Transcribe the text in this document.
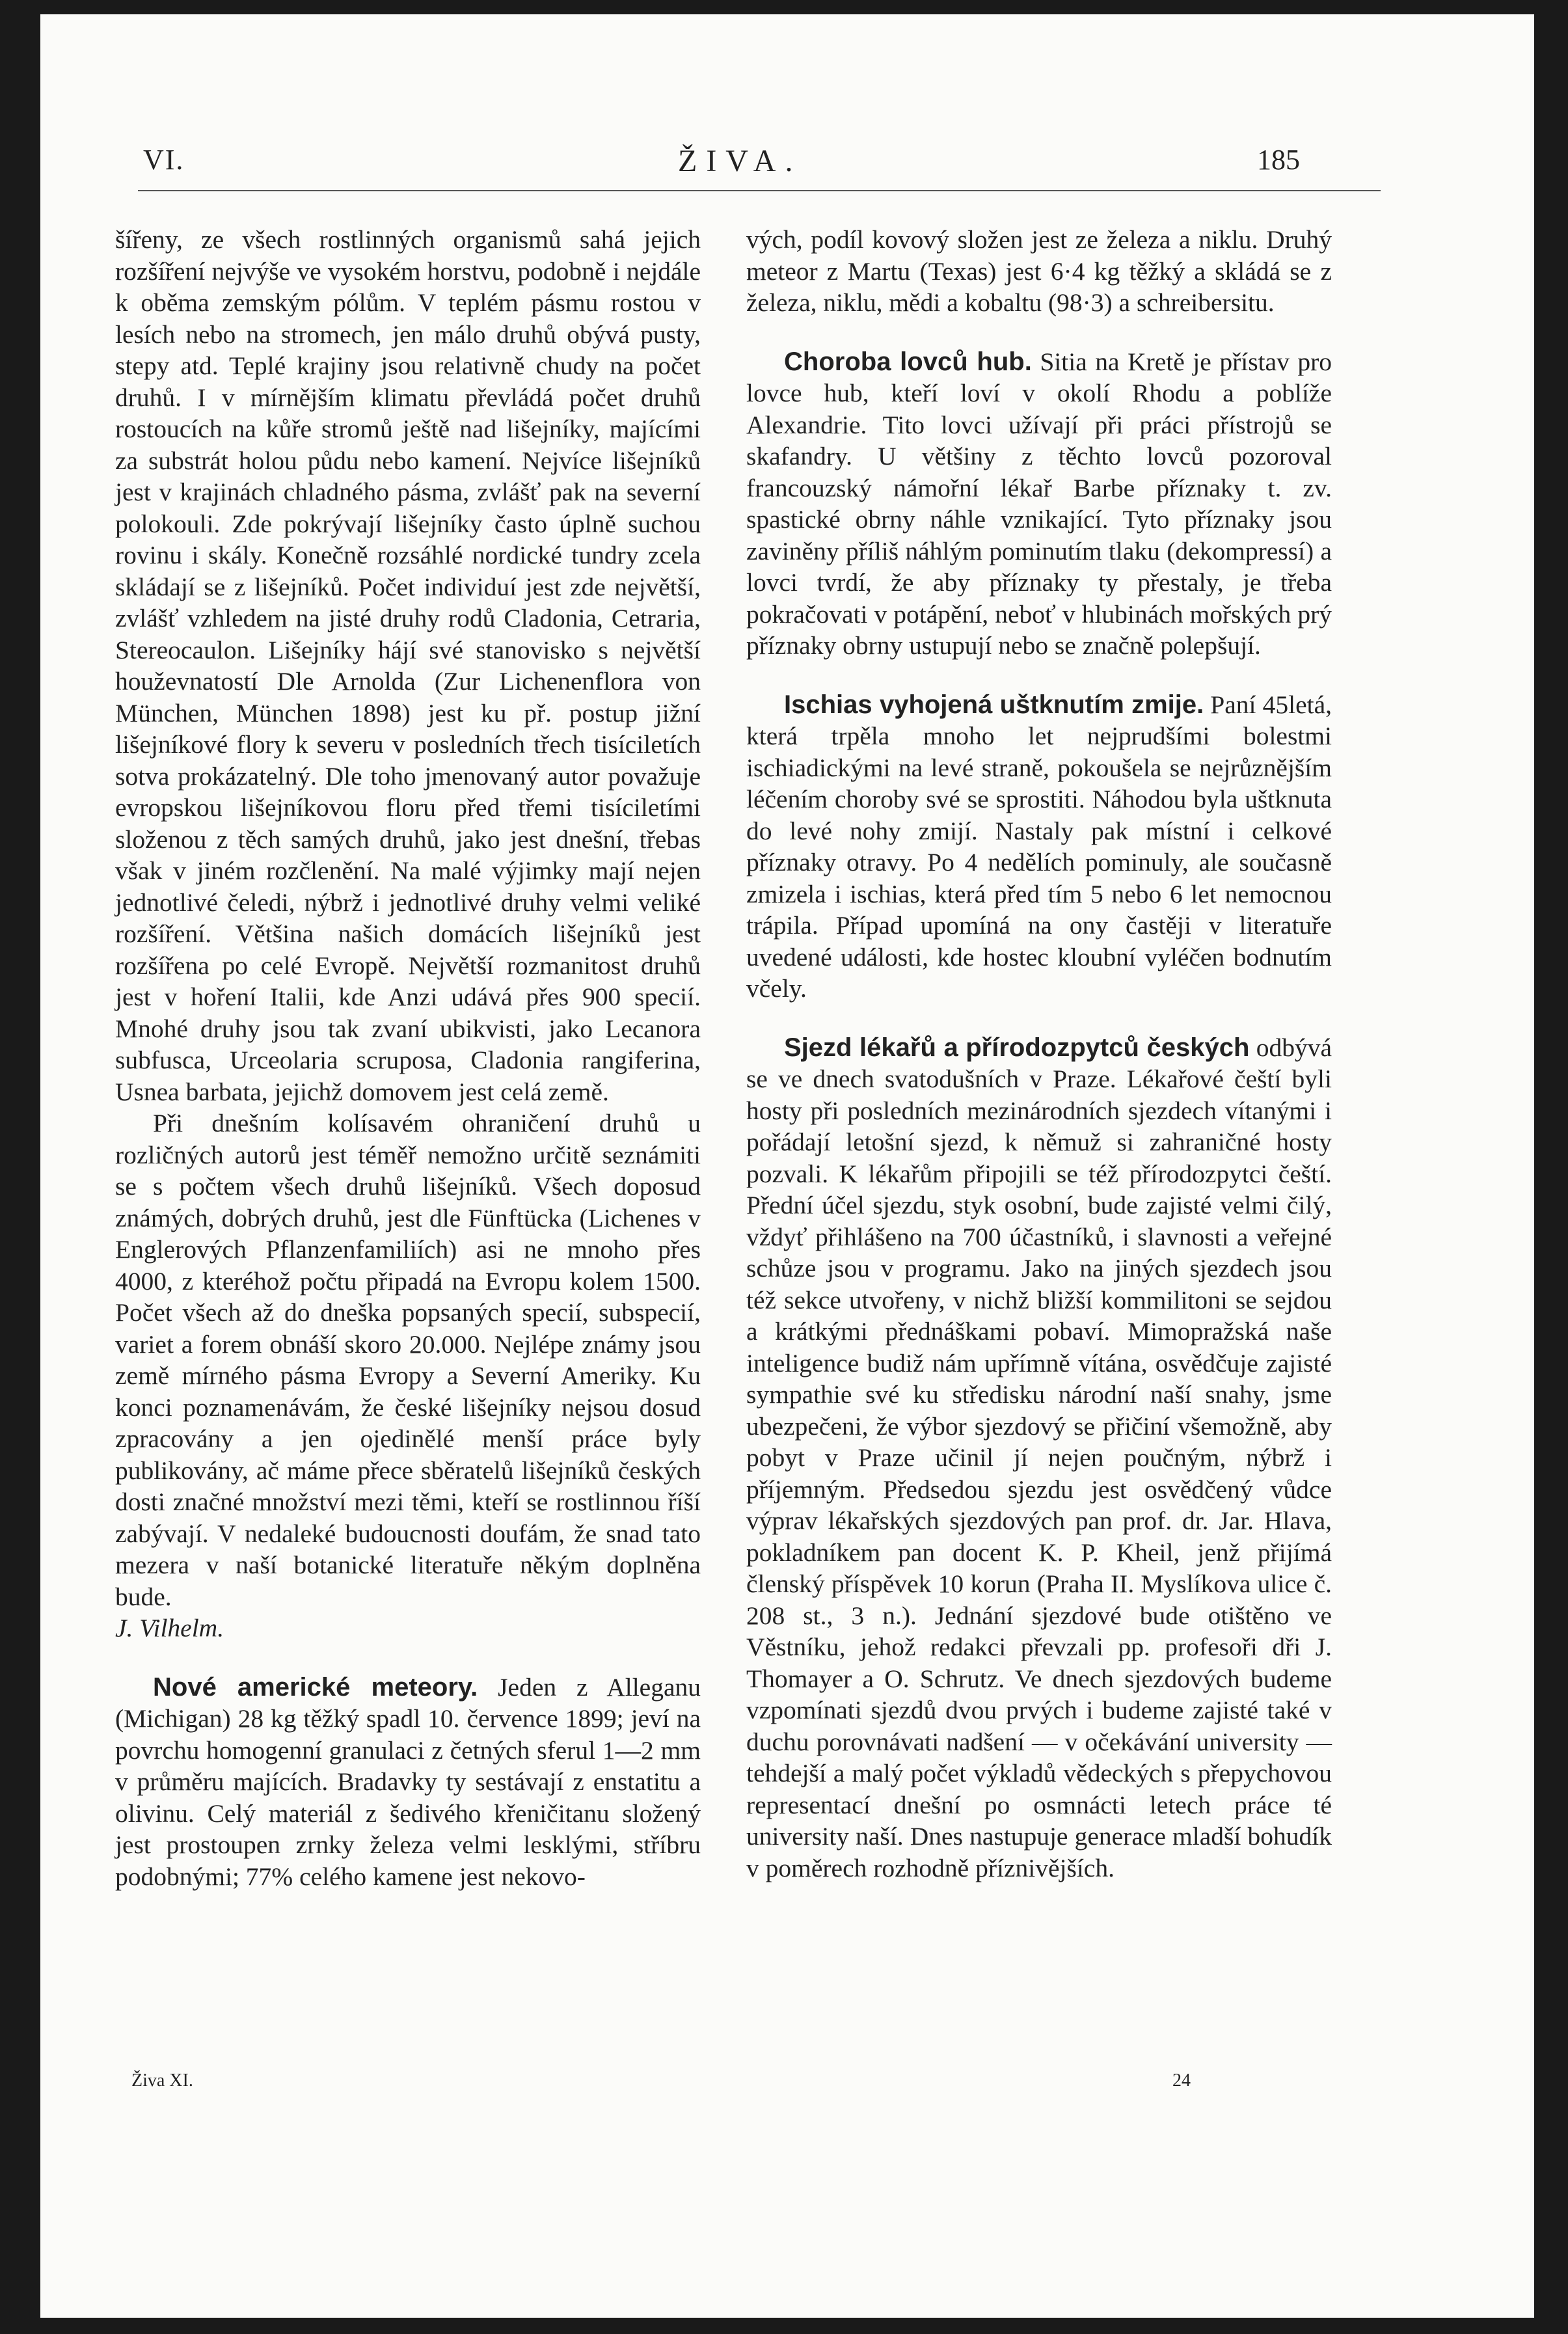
VI.	ŽIVA.	185

šířeny, ze všech rostlinných organismů sahá jejich rozšíření nejvýše ve vysokém horstvu, podobně i nejdále k oběma zemským pólům. V teplém pásmu rostou v lesích nebo na stromech, jen málo druhů obývá pusty, stepy atd. Teplé krajiny jsou relativně chudy na počet druhů. I v mírnějším klimatu převládá počet druhů rostoucích na kůře stromů ještě nad lišejníky, majícími za substrát holou půdu nebo kamení. Nejvíce lišejníků jest v krajinách chladného pásma, zvlášť pak na severní polokouli. Zde pokrývají lišejníky často úplně suchou rovinu i skály. Konečně rozsáhlé nordické tundry zcela skládají se z lišejníků. Počet individuí jest zde největší, zvlášť vzhledem na jisté druhy rodů Cladonia, Cetraria, Stereocaulon. Lišejníky hájí své stanovisko s největší houževnatostí Dle Arnolda (Zur Lichenenflora von München, München 1898) jest ku př. postup jižní lišejníkové flory k severu v posledních třech tisíciletích sotva prokázatelný. Dle toho jmenovaný autor považuje evropskou lišejníkovou floru před třemi tisíciletími složenou z těch samých druhů, jako jest dnešní, třebas však v jiném rozčlenění. Na malé výjimky mají nejen jednotlivé čeledi, nýbrž i jednotlivé druhy velmi veliké rozšíření. Většina našich domácích lišejníků jest rozšířena po celé Evropě. Největší rozmanitost druhů jest v hoření Italii, kde Anzi udává přes 900 specií. Mnohé druhy jsou tak zvaní ubikvisti, jako Lecanora subfusca, Urceolaria scruposa, Cladonia rangiferina, Usnea barbata, jejichž domovem jest celá země.

Při dnešním kolísavém ohraničení druhů u rozličných autorů jest téměř nemožno určitě seznámiti se s počtem všech druhů lišejníků. Všech doposud známých, dobrých druhů, jest dle Fünftücka (Lichenes v Englerových Pflanzenfamiliích) asi ne mnoho přes 4000, z kteréhož počtu připadá na Evropu kolem 1500. Počet všech až do dneška popsaných specií, subspecií, variet a forem obnáší skoro 20.000. Nejlépe známy jsou země mírného pásma Evropy a Severní Ameriky. Ku konci poznamenávám, že české lišejníky nejsou dosud zpracovány a jen ojedinělé menší práce byly publikovány, ač máme přece sběratelů lišejníků českých dosti značné množství mezi těmi, kteří se rostlinnou říší zabývají. V nedaleké budoucnosti doufám, že snad tato mezera v naší botanické literatuře někým doplněna bude.

J. Vilhelm.

Nové americké meteory. Jeden z Alleganu (Michigan) 28 kg těžký spadl 10. července 1899; jeví na povrchu homogenní granulaci z četných sferul 1—2 mm v průměru majících. Bradavky ty sestávají z enstatitu a olivinu. Celý materiál z šedivého křeničitanu složený jest prostoupen zrnky železa velmi lesklými, stříbru podobnými; 77% celého kamene jest nekovo-

vých, podíl kovový složen jest ze železa a niklu. Druhý meteor z Martu (Texas) jest 6·4 kg těžký a skládá se z železa, niklu, mědi a kobaltu (98·3) a schreibersitu.

Choroba lovců hub. Sitia na Kretě je přístav pro lovce hub, kteří loví v okolí Rhodu a poblíže Alexandrie. Tito lovci užívají při práci přístrojů se skafandry. U většiny z těchto lovců pozoroval francouzský námořní lékař Barbe příznaky t. zv. spastické obrny náhle vznikající. Tyto příznaky jsou zaviněny příliš náhlým pominutím tlaku (dekompressí) a lovci tvrdí, že aby příznaky ty přestaly, je třeba pokračovati v potápění, neboť v hlubinách mořských prý příznaky obrny ustupují nebo se značně polepšují.

Ischias vyhojená uštknutím zmije. Paní 45letá, která trpěla mnoho let nejprudšími bolestmi ischiadickými na levé straně, pokoušela se nejrůznějším léčením choroby své se sprostiti. Náhodou byla uštknuta do levé nohy zmijí. Nastaly pak místní i celkové příznaky otravy. Po 4 nedělích pominuly, ale současně zmizela i ischias, která před tím 5 nebo 6 let nemocnou trápila. Případ upomíná na ony častěji v literatuře uvedené události, kde hostec kloubní vyléčen bodnutím včely.

Sjezd lékařů a přírodozpytců českých odbývá se ve dnech svatodušních v Praze. Lékařové čeští byli hosty při posledních mezinárodních sjezdech vítanými i pořádají letošní sjezd, k němuž si zahraničné hosty pozvali. K lékařům připojili se též přírodozpytci čeští. Přední účel sjezdu, styk osobní, bude zajisté velmi čilý, vždyť přihlášeno na 700 účastníků, i slavnosti a veřejné schůze jsou v programu. Jako na jiných sjezdech jsou též sekce utvořeny, v nichž bližší kommilitoni se sejdou a krátkými přednáškami pobaví. Mimopražská naše inteligence budiž nám upřímně vítána, osvědčuje zajisté sympathie své ku středisku národní naší snahy, jsme ubezpečeni, že výbor sjezdový se přičiní všemožně, aby pobyt v Praze učinil jí nejen poučným, nýbrž i příjemným. Předsedou sjezdu jest osvědčený vůdce výprav lékařských sjezdových pan prof. dr. Jar. Hlava, pokladníkem pan docent K. P. Kheil, jenž přijímá členský příspěvek 10 korun (Praha II. Myslíkova ulice č. 208 st., 3 n.). Jednání sjezdové bude otištěno ve Věstníku, jehož redakci převzali pp. profesoři dři J. Thomayer a O. Schrutz. Ve dnech sjezdových budeme vzpomínati sjezdů dvou prvých i budeme zajisté také v duchu porovnávati nadšení — v očekávání university — tehdejší a malý počet výkladů vědeckých s přepychovou representací dnešní po osmnácti letech práce té university naší. Dnes nastupuje generace mladší bohudík v poměrech rozhodně příznivějších.

Živa XI.	24
